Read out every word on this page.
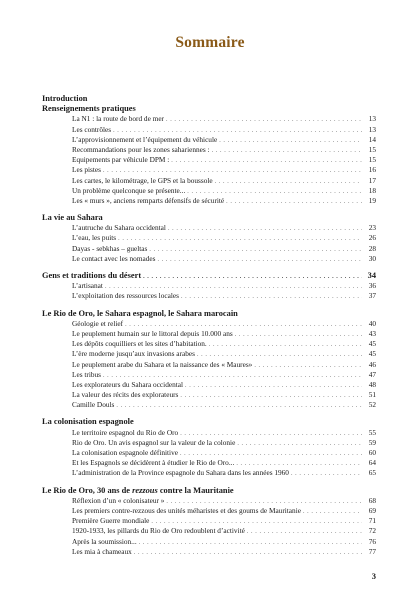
Sommaire
Introduction
Renseignements pratiques
La N1 : la route de bord de mer . . .	13
Les contrôles . . .	13
L’approvisionnement et l’équipement du véhicule . . .	14
Recommandations pour les zones sahariennes : . . .	15
Equipements par véhicule DPM : . . .	15
Les pistes . . .	16
Les cartes, le kilométrage, le GPS et la boussole . . .	17
Un problème quelconque se présente... . . .	18
Les « murs », anciens remparts défensifs de sécurité . . .	19
La vie au Sahara
L’autruche du Sahara occidental . . .	23
L’eau, les puits . . .	26
Dayas - sebkhas – gueltas . . .	28
Le contact avec les nomades . . .	30
Gens et traditions du désert . . .	34
L’artisanat . . .	36
L’exploitation des ressources locales . . .	37
Le Rio de Oro, le Sahara espagnol, le Sahara marocain
Géologie et relief . . .	40
Le peuplement humain sur le littoral depuis 10.000 ans . . .	43
Les dépôts coquilliers et les sites d’habitation. . . .	45
L’ère moderne jusqu’aux invasions arabes . . .	45
Le peuplement arabe du Sahara et la naissance des « Maures» . . .	46
Les tribus . . .	47
Les explorateurs du Sahara occidental . . .	48
La valeur des récits des explorateurs . . .	51
Camille Douls . . .	52
La colonisation espagnole
Le territoire espagnol du Rio de Oro . . .	55
Rio de Oro. Un avis espagnol sur la valeur de la colonie . . .	59
La colonisation espagnole définitive . . .	60
Et les Espagnols se décidèrent à étudier le Rio de Oro... . . .	64
L’administration de la Province espagnole du Sahara dans les années 1960 . . .	65
Le Rio de Oro, 30 ans de rezzous contre la Mauritanie
Réflexion d’un « colonisateur » . . .	68
Les premiers contre-rezzous des unités méharistes et des goums de Mauritanie . . .	69
Première Guerre mondiale . . .	71
1920-1933, les pillards du Rio de Oro redoublent d’activité . . .	72
Après la soumission... . . .	76
Les mia à chameaux . . .	77
3
